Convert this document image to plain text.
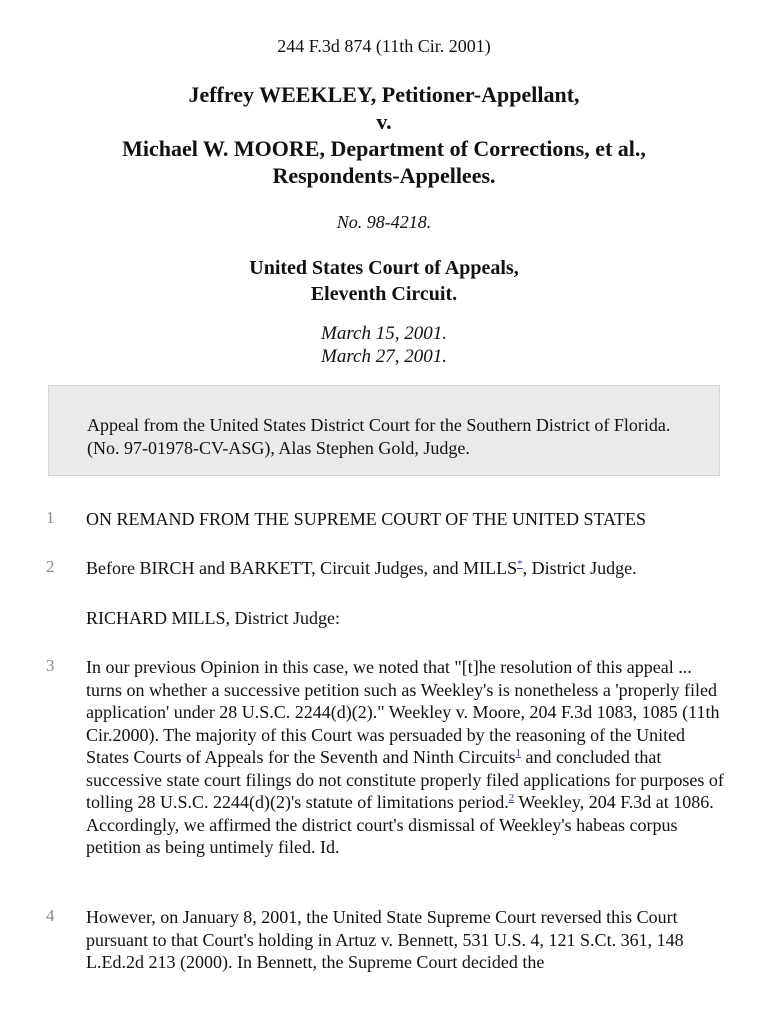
244 F.3d 874 (11th Cir. 2001)
Jeffrey WEEKLEY, Petitioner-Appellant,
v.
Michael W. MOORE, Department of Corrections, et al.,
Respondents-Appellees.
No. 98-4218.
United States Court of Appeals,
Eleventh Circuit.
March 15, 2001.
March 27, 2001.
Appeal from the United States District Court for the Southern District of Florida. (No. 97-01978-CV-ASG), Alas Stephen Gold, Judge.
1 ON REMAND FROM THE SUPREME COURT OF THE UNITED STATES
2 Before BIRCH and BARKETT, Circuit Judges, and MILLS*, District Judge.
RICHARD MILLS, District Judge:
3 In our previous Opinion in this case, we noted that "[t]he resolution of this appeal ... turns on whether a successive petition such as Weekley's is nonetheless a 'properly filed application' under 28 U.S.C. 2244(d)(2)." Weekley v. Moore, 204 F.3d 1083, 1085 (11th Cir.2000). The majority of this Court was persuaded by the reasoning of the United States Courts of Appeals for the Seventh and Ninth Circuits$^1$ and concluded that successive state court filings do not constitute properly filed applications for purposes of tolling 28 U.S.C. 2244(d)(2)'s statute of limitations period.$^2$ Weekley, 204 F.3d at 1086. Accordingly, we affirmed the district court's dismissal of Weekley's habeas corpus petition as being untimely filed. Id.
4 However, on January 8, 2001, the United State Supreme Court reversed this Court pursuant to that Court's holding in Artuz v. Bennett, 531 U.S. 4, 121 S.Ct. 361, 148 L.Ed.2d 213 (2000). In Bennett, the Supreme Court decided the
